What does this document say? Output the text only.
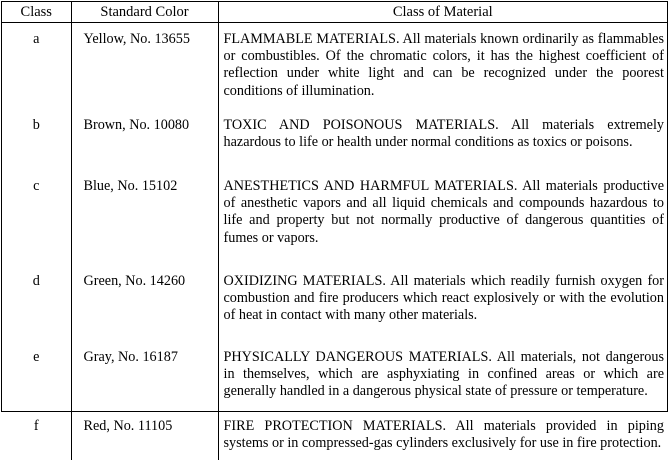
Class	Standard Color	Class of Material
a	Yellow, No. 13655	FLAMMABLE MATERIALS. All materials known ordinarily as flammables or combustibles. Of the chromatic colors, it has the highest coefficient of reflection under white light and can be recognized under the poorest conditions of illumination.
b	Brown, No. 10080	TOXIC AND POISONOUS MATERIALS. All materials extremely hazardous to life or health under normal conditions as toxics or poisons.
c	Blue, No. 15102	ANESTHETICS AND HARMFUL MATERIALS. All materials productive of anesthetic vapors and all liquid chemicals and compounds hazardous to life and property but not normally productive of dangerous quantities of fumes or vapors.
d	Green, No. 14260	OXIDIZING MATERIALS. All materials which readily furnish oxygen for combustion and fire producers which react explosively or with the evolution of heat in contact with many other materials.
e	Gray, No. 16187	PHYSICALLY DANGEROUS MATERIALS. All materials, not dangerous in themselves, which are asphyxiating in confined areas or which are generally handled in a dangerous physical state of pressure or temperature.
f	Red, No. 11105	FIRE PROTECTION MATERIALS. All materials provided in piping systems or in compressed-gas cylinders exclusively for use in fire protection.
